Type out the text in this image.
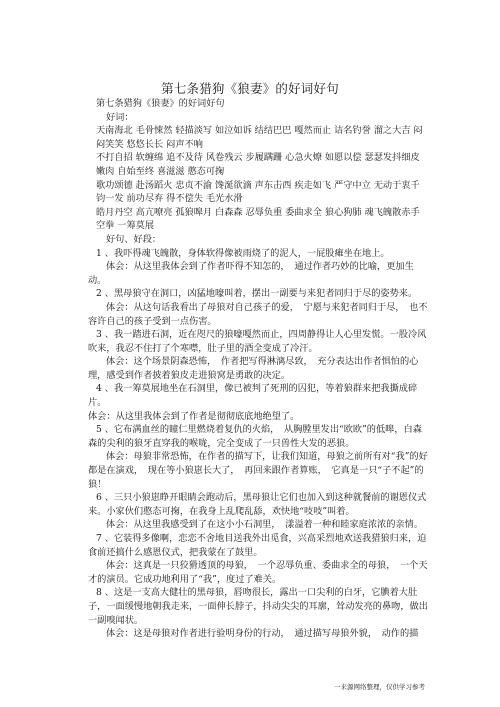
第七条猎狗《狼妻》的好词好句

第七条猎狗《狼妻》的好词好句

好词：

天南海北 毛骨悚然 轻描淡写 如泣如诉 结结巴巴 嘎然而止 诘名钓誉 溜之大吉 闷闷笑笑 悠悠长长 闷声不响

不打自招 软缠绵 追不及待 风卷残云 步履蹒跚 心急火燎 如愿以偿 瑟瑟发抖细皮嫩肉 自始至终 喜滋滋 憨态可掬

歌功颂德 赴汤蹈火 忠贞不渝 馋涎欲滴 声东击西 疾走如飞 严守中立 无动于衷千钧一发 前功尽弃 得不偿失 毛光水滑

皓月丹空 高亢嘹亮 孤狼嗥月 白森森 忍辱负重 委曲求全 狼心狗肺 魂飞魄散赤手空拳 一筹莫展

好句、好段：

1 、我吓得魂飞魄散，身体软得像被雨烧了的泥人，一屁股瘫坐在地上。

体会：从这里我体会到了作者吓得不知怎的，　通过作者巧妙的比喻，更加生动。

2 、黑母狼守在洞口，凶猛地嚎叫着，摆出一副要与来犯者同归于尽的姿势来。

体会：从这句话我看出了母狼对自己孩子的爱，　宁愿与来犯者同归于尽，　也不容许自己的孩子受到一点伤害。

3 、我一踏进石洞，近在咫尺的狼嚎嘎然而止，四周静得让人心里发慌。一股冷风吹来，我忍不住打了个寒噤，肚子里的酒全变成了冷汗。

体会：这个场景阴森恐怖，　作者把写得淋漓尽致，　充分表达出作者惧怕的心理，感受到作者披着狼皮走进狼窝是勇敢的决定。

4 、我一筹莫展地坐在石洞里，像已被判了死刑的囚犯，等着狼群来把我撕成碎片。

体会：从这里我体会到了作者是彻彻底底地绝望了。

5 、它布满血丝的瞳仁里燃烧着复仇的火焰，　从胸膛里发出“欧欧”的低嗥，白森森的尖利的狼牙直穿我的喉咙，完全变成了一只兽性大发的恶狼。

体会：母狼非常恐怖，在作者的描写下，让我们知道，母狼之前所有对“我”的好都是在演戏，　现在等小狼崽长大了，　再回来跟作者算账，　它真是一只“子不起”的狼！

6 、三只小狼崽睁开眼睛会跑动后，黑母狼让它们也加入到这种就餐前的谢恩仪式来。小家伙们憨态可掬，在我身上乱爬乱舔，欢快地“吱吱”叫着。

体会：从这里我感受到了在这小小石洞里，　漾溢着一种和睦家庭浓浓的亲情。

7 、它装得多像啊，恋恋不舍地目送我外出觅食，兴高采烈地欢送我猎狼归来，迫食前还搞什么感恩仪式，把我蒙在了鼓里。

体会：这真是一只狡猾透顶的母狼，　一个忍辱负重、委曲求全的母狼，　一个天才的演员。它成功地利用了“我”，度过了难关。

8 、这是一支高大健壮的黑母狼，唇吻很长，露出一口尖利的白牙，它腆着大肚子，一面缓慢地朝我走来，一面伸长脖子，抖动尖尖的耳廓，耸动发亮的鼻吻，做出一副嗅闻状。

体会：这是母狼对作者进行验明身份的行动，　通过描写母狼外貌，　动作的描

一来源网络整理，仅供学习参考
